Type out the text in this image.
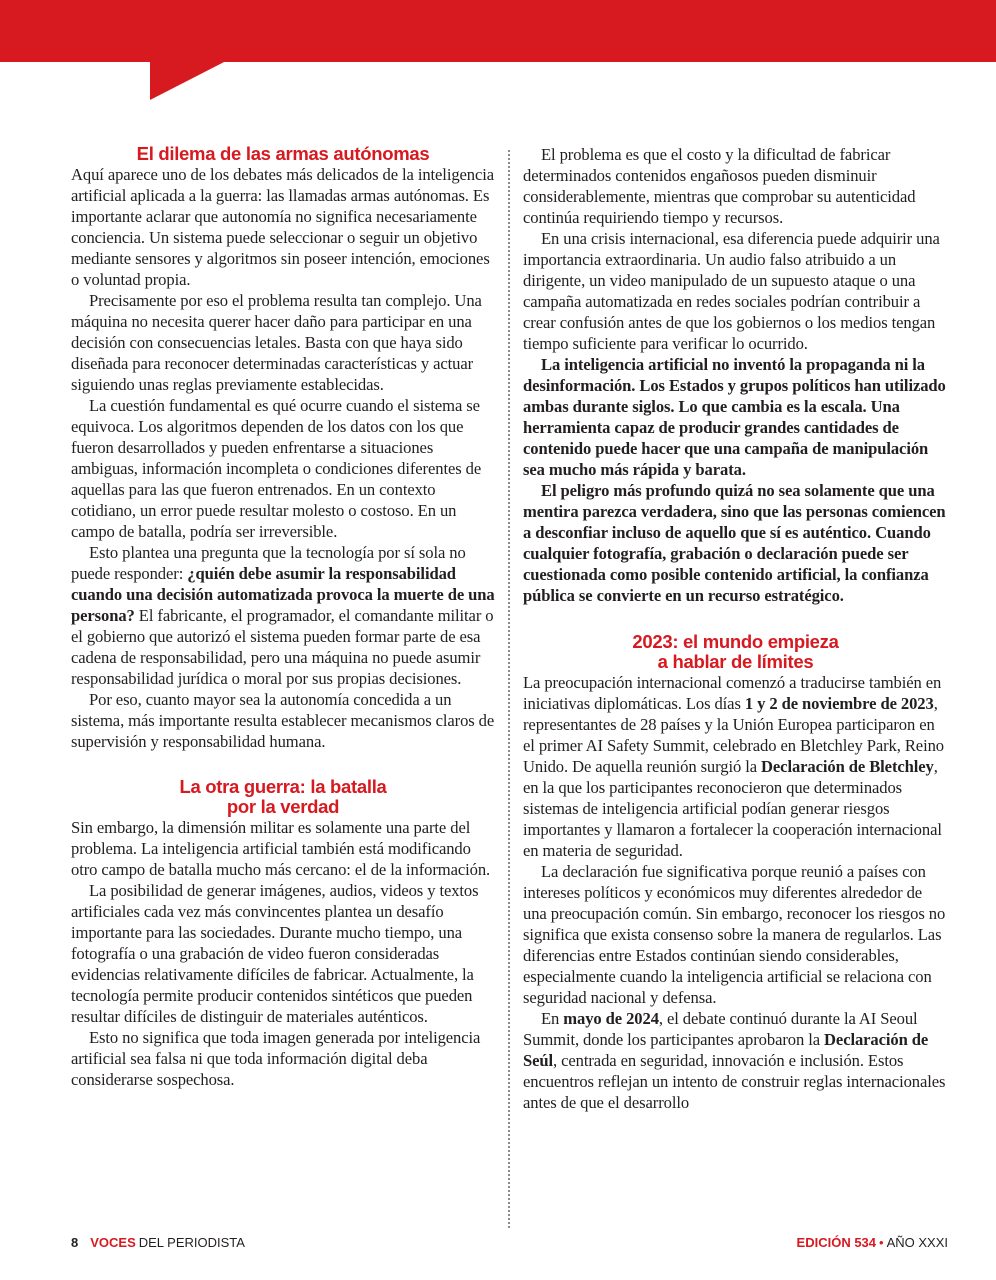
El dilema de las armas autónomas

Aquí aparece uno de los debates más delicados de la inteligencia artificial aplicada a la guerra: las llamadas armas autónomas. Es importante aclarar que autonomía no significa necesariamente conciencia. Un sistema puede seleccionar o seguir un objetivo mediante sensores y algoritmos sin poseer intención, emociones o voluntad propia.

Precisamente por eso el problema resulta tan complejo. Una máquina no necesita querer hacer daño para participar en una decisión con consecuencias letales. Basta con que haya sido diseñada para reconocer determinadas características y actuar siguiendo unas reglas previamente establecidas.

La cuestión fundamental es qué ocurre cuando el sistema se equivoca. Los algoritmos dependen de los datos con los que fueron desarrollados y pueden enfrentarse a situaciones ambiguas, información incompleta o condiciones diferentes de aquellas para las que fueron entrenados. En un contexto cotidiano, un error puede resultar molesto o costoso. En un campo de batalla, podría ser irreversible.

Esto plantea una pregunta que la tecnología por sí sola no puede responder: ¿quién debe asumir la responsabilidad cuando una decisión automatizada provoca la muerte de una persona? El fabricante, el programador, el comandante militar o el gobierno que autorizó el sistema pueden formar parte de esa cadena de responsabilidad, pero una máquina no puede asumir responsabilidad jurídica o moral por sus propias decisiones.

Por eso, cuanto mayor sea la autonomía concedida a un sistema, más importante resulta establecer mecanismos claros de supervisión y responsabilidad humana.

La otra guerra: la batalla
por la verdad

Sin embargo, la dimensión militar es solamente una parte del problema. La inteligencia artificial también está modificando otro campo de batalla mucho más cercano: el de la información.

La posibilidad de generar imágenes, audios, videos y textos artificiales cada vez más convincentes plantea un desafío importante para las sociedades. Durante mucho tiempo, una fotografía o una grabación de video fueron consideradas evidencias relativamente difíciles de fabricar. Actualmente, la tecnología permite producir contenidos sintéticos que pueden resultar difíciles de distinguir de materiales auténticos.

Esto no significa que toda imagen generada por inteligencia artificial sea falsa ni que toda información digital deba considerarse sospechosa.

El problema es que el costo y la dificultad de fabricar determinados contenidos engañosos pueden disminuir considerablemente, mientras que comprobar su autenticidad continúa requiriendo tiempo y recursos.

En una crisis internacional, esa diferencia puede adquirir una importancia extraordinaria. Un audio falso atribuido a un dirigente, un video manipulado de un supuesto ataque o una campaña automatizada en redes sociales podrían contribuir a crear confusión antes de que los gobiernos o los medios tengan tiempo suficiente para verificar lo ocurrido.

La inteligencia artificial no inventó la propaganda ni la desinformación. Los Estados y grupos políticos han utilizado ambas durante siglos. Lo que cambia es la escala. Una herramienta capaz de producir grandes cantidades de contenido puede hacer que una campaña de manipulación sea mucho más rápida y barata.

El peligro más profundo quizá no sea solamente que una mentira parezca verdadera, sino que las personas comiencen a desconfiar incluso de aquello que sí es auténtico. Cuando cualquier fotografía, grabación o declaración puede ser cuestionada como posible contenido artificial, la confianza pública se convierte en un recurso estratégico.

2023: el mundo empieza
a hablar de límites

La preocupación internacional comenzó a traducirse también en iniciativas diplomáticas. Los días 1 y 2 de noviembre de 2023, representantes de 28 países y la Unión Europea participaron en el primer AI Safety Summit, celebrado en Bletchley Park, Reino Unido. De aquella reunión surgió la Declaración de Bletchley, en la que los participantes reconocieron que determinados sistemas de inteligencia artificial podían generar riesgos importantes y llamaron a fortalecer la cooperación internacional en materia de seguridad.

La declaración fue significativa porque reunió a países con intereses políticos y económicos muy diferentes alrededor de una preocupación común. Sin embargo, reconocer los riesgos no significa que exista consenso sobre la manera de regularlos. Las diferencias entre Estados continúan siendo considerables, especialmente cuando la inteligencia artificial se relaciona con seguridad nacional y defensa.

En mayo de 2024, el debate continuó durante la AI Seoul Summit, donde los participantes aprobaron la Declaración de Seúl, centrada en seguridad, innovación e inclusión. Estos encuentros reflejan un intento de construir reglas internacionales antes de que el desarrollo

8 VOCES DEL PERIODISTA	EDICIÓN 534 • AÑO XXXI
